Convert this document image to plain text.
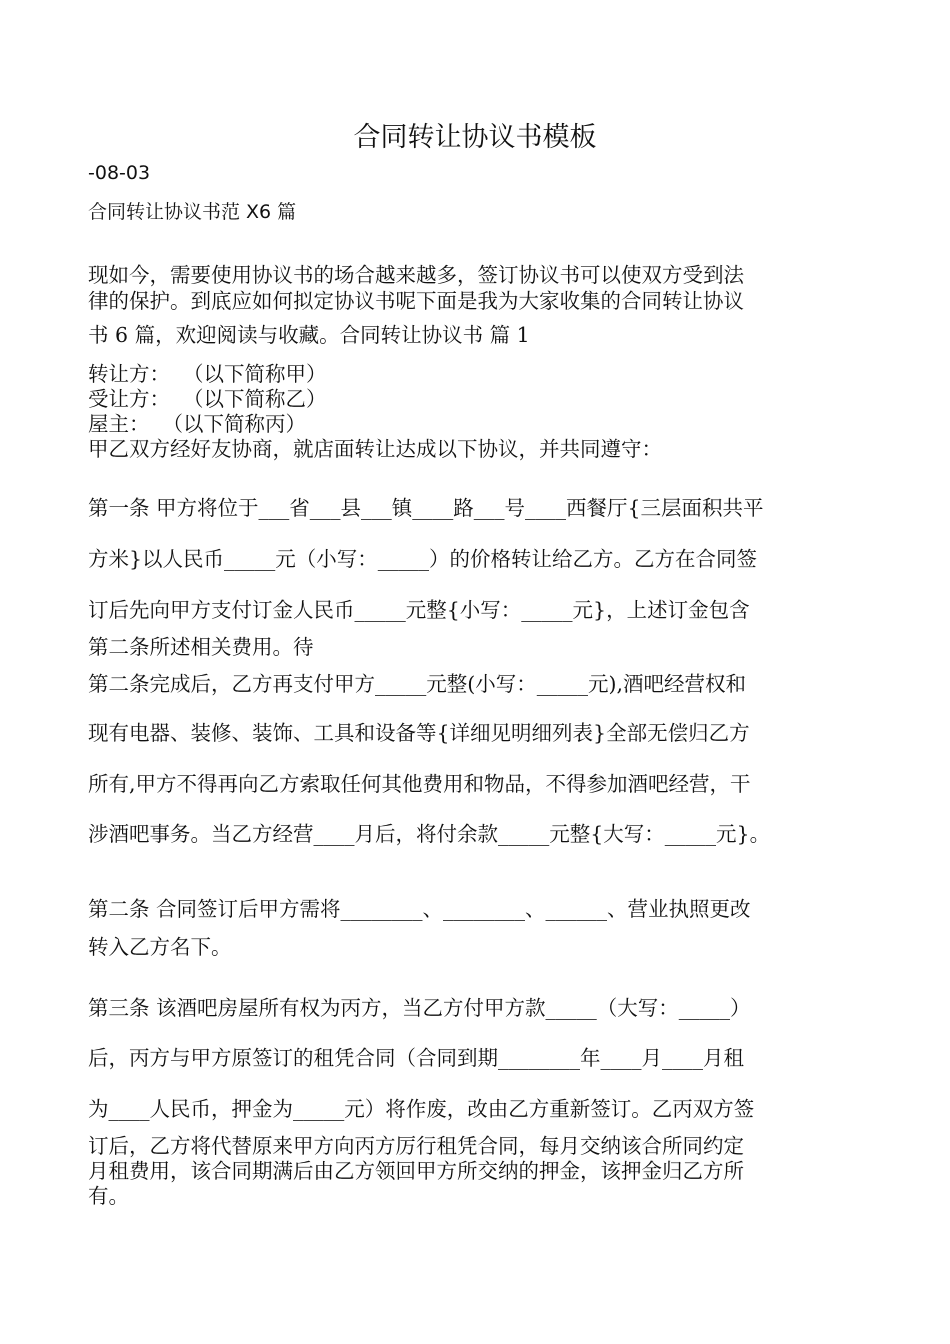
合同转让协议书模板
-08-03
合同转让协议书范 X6 篇
现如今，需要使用协议书的场合越来越多，签订协议书可以使双方受到法
律的保护。到底应如何拟定协议书呢下面是我为大家收集的合同转让协议
书 6 篇，欢迎阅读与收藏。合同转让协议书 篇 1
转让方：  （以下简称甲）
受让方：  （以下简称乙）
屋主：  （以下简称丙）
甲乙双方经好友协商，就店面转让达成以下协议，并共同遵守：
第一条 甲方将位于___省___县___镇____路___号____西餐厅{三层面积共平
方米}以人民币_____元（小写：_____）的价格转让给乙方。乙方在合同签
订后先向甲方支付订金人民币_____元整{小写：_____元}，上述订金包含
第二条所述相关费用。待
第二条完成后，乙方再支付甲方_____元整(小写：_____元),酒吧经营权和
现有电器、装修、装饰、工具和设备等{详细见明细列表}全部无偿归乙方
所有,甲方不得再向乙方索取任何其他费用和物品，不得参加酒吧经营，干
涉酒吧事务。当乙方经营____月后，将付余款_____元整{大写：_____元}。
第二条 合同签订后甲方需将________、________、______、营业执照更改
转入乙方名下。
第三条 该酒吧房屋所有权为丙方，当乙方付甲方款_____（大写：_____）
后，丙方与甲方原签订的租凭合同（合同到期________年____月____月租
为____人民币，押金为_____元）将作废，改由乙方重新签订。乙丙双方签
订后，乙方将代替原来甲方向丙方厉行租凭合同，每月交纳该合所同约定
月租费用，该合同期满后由乙方领回甲方所交纳的押金，该押金归乙方所
有。
